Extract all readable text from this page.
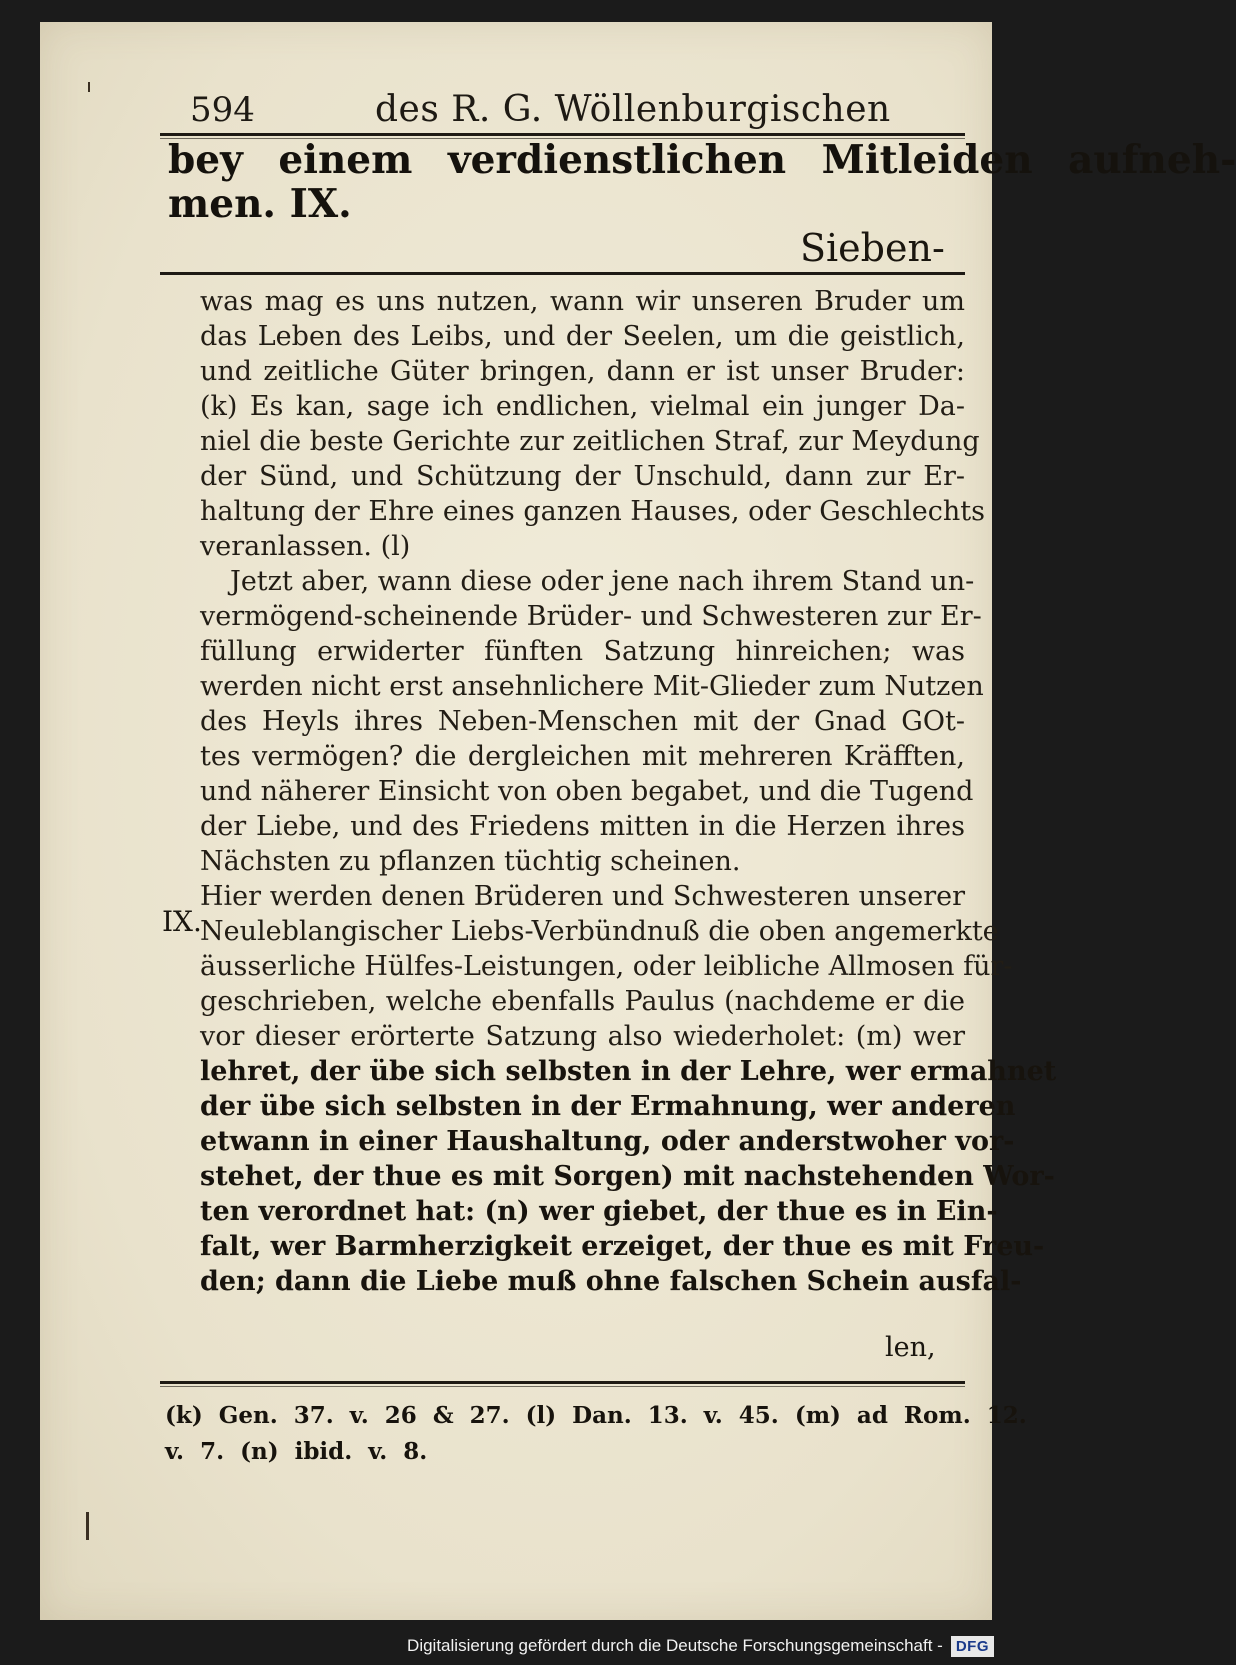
594	des R. G. Wöllenburgischen
bey einem verdienstlichen Mitleiden aufneh-
men. IX.
Sieben-
was mag es uns nutzen, wann wir unseren Bruder um
das Leben des Leibs, und der Seelen, um die geistlich,
und zeitliche Güter bringen, dann er ist unser Bruder:
(k) Es kan, sage ich endlichen, vielmal ein junger Da-
niel die beste Gerichte zur zeitlichen Straf, zur Meydung
der Sünd, und Schützung der Unschuld, dann zur Er-
haltung der Ehre eines ganzen Hauses, oder Geschlechts
veranlassen. (l)
Jetzt aber, wann diese oder jene nach ihrem Stand un-
vermögend-scheinende Brüder- und Schwesteren zur Er-
füllung erwiderter fünften Satzung hinreichen; was
werden nicht erst ansehnlichere Mit-Glieder zum Nutzen
des Heyls ihres Neben-Menschen mit der Gnad GOt-
tes vermögen? die dergleichen mit mehreren Kräfften,
und näherer Einsicht von oben begabet, und die Tugend
der Liebe, und des Friedens mitten in die Herzen ihres
Nächsten zu pflanzen tüchtig scheinen.
Hier werden denen Brüderen und Schwesteren unserer
Neuleblangischer Liebs-Verbündnuß die oben angemerkte
äusserliche Hülfes-Leistungen, oder leibliche Allmosen für-
geschrieben, welche ebenfalls Paulus (nachdeme er die
vor dieser erörterte Satzung also wiederholet: (m) wer
lehret, der übe sich selbsten in der Lehre, wer ermahnet
der übe sich selbsten in der Ermahnung, wer anderen
etwann in einer Haushaltung, oder anderstwoher vor-
stehet, der thue es mit Sorgen) mit nachstehenden Wor-
ten verordnet hat: (n) wer giebet, der thue es in Ein-
falt, wer Barmherzigkeit erzeiget, der thue es mit Freu-
den; dann die Liebe muß ohne falschen Schein ausfal-
IX.
len,
(k) Gen. 37. v. 26 & 27. (l) Dan. 13. v. 45. (m) ad Rom. 12.
v. 7. (n) ibid. v. 8.
Digitalisierung gefördert durch die Deutsche Forschungsgemeinschaft - DFG
